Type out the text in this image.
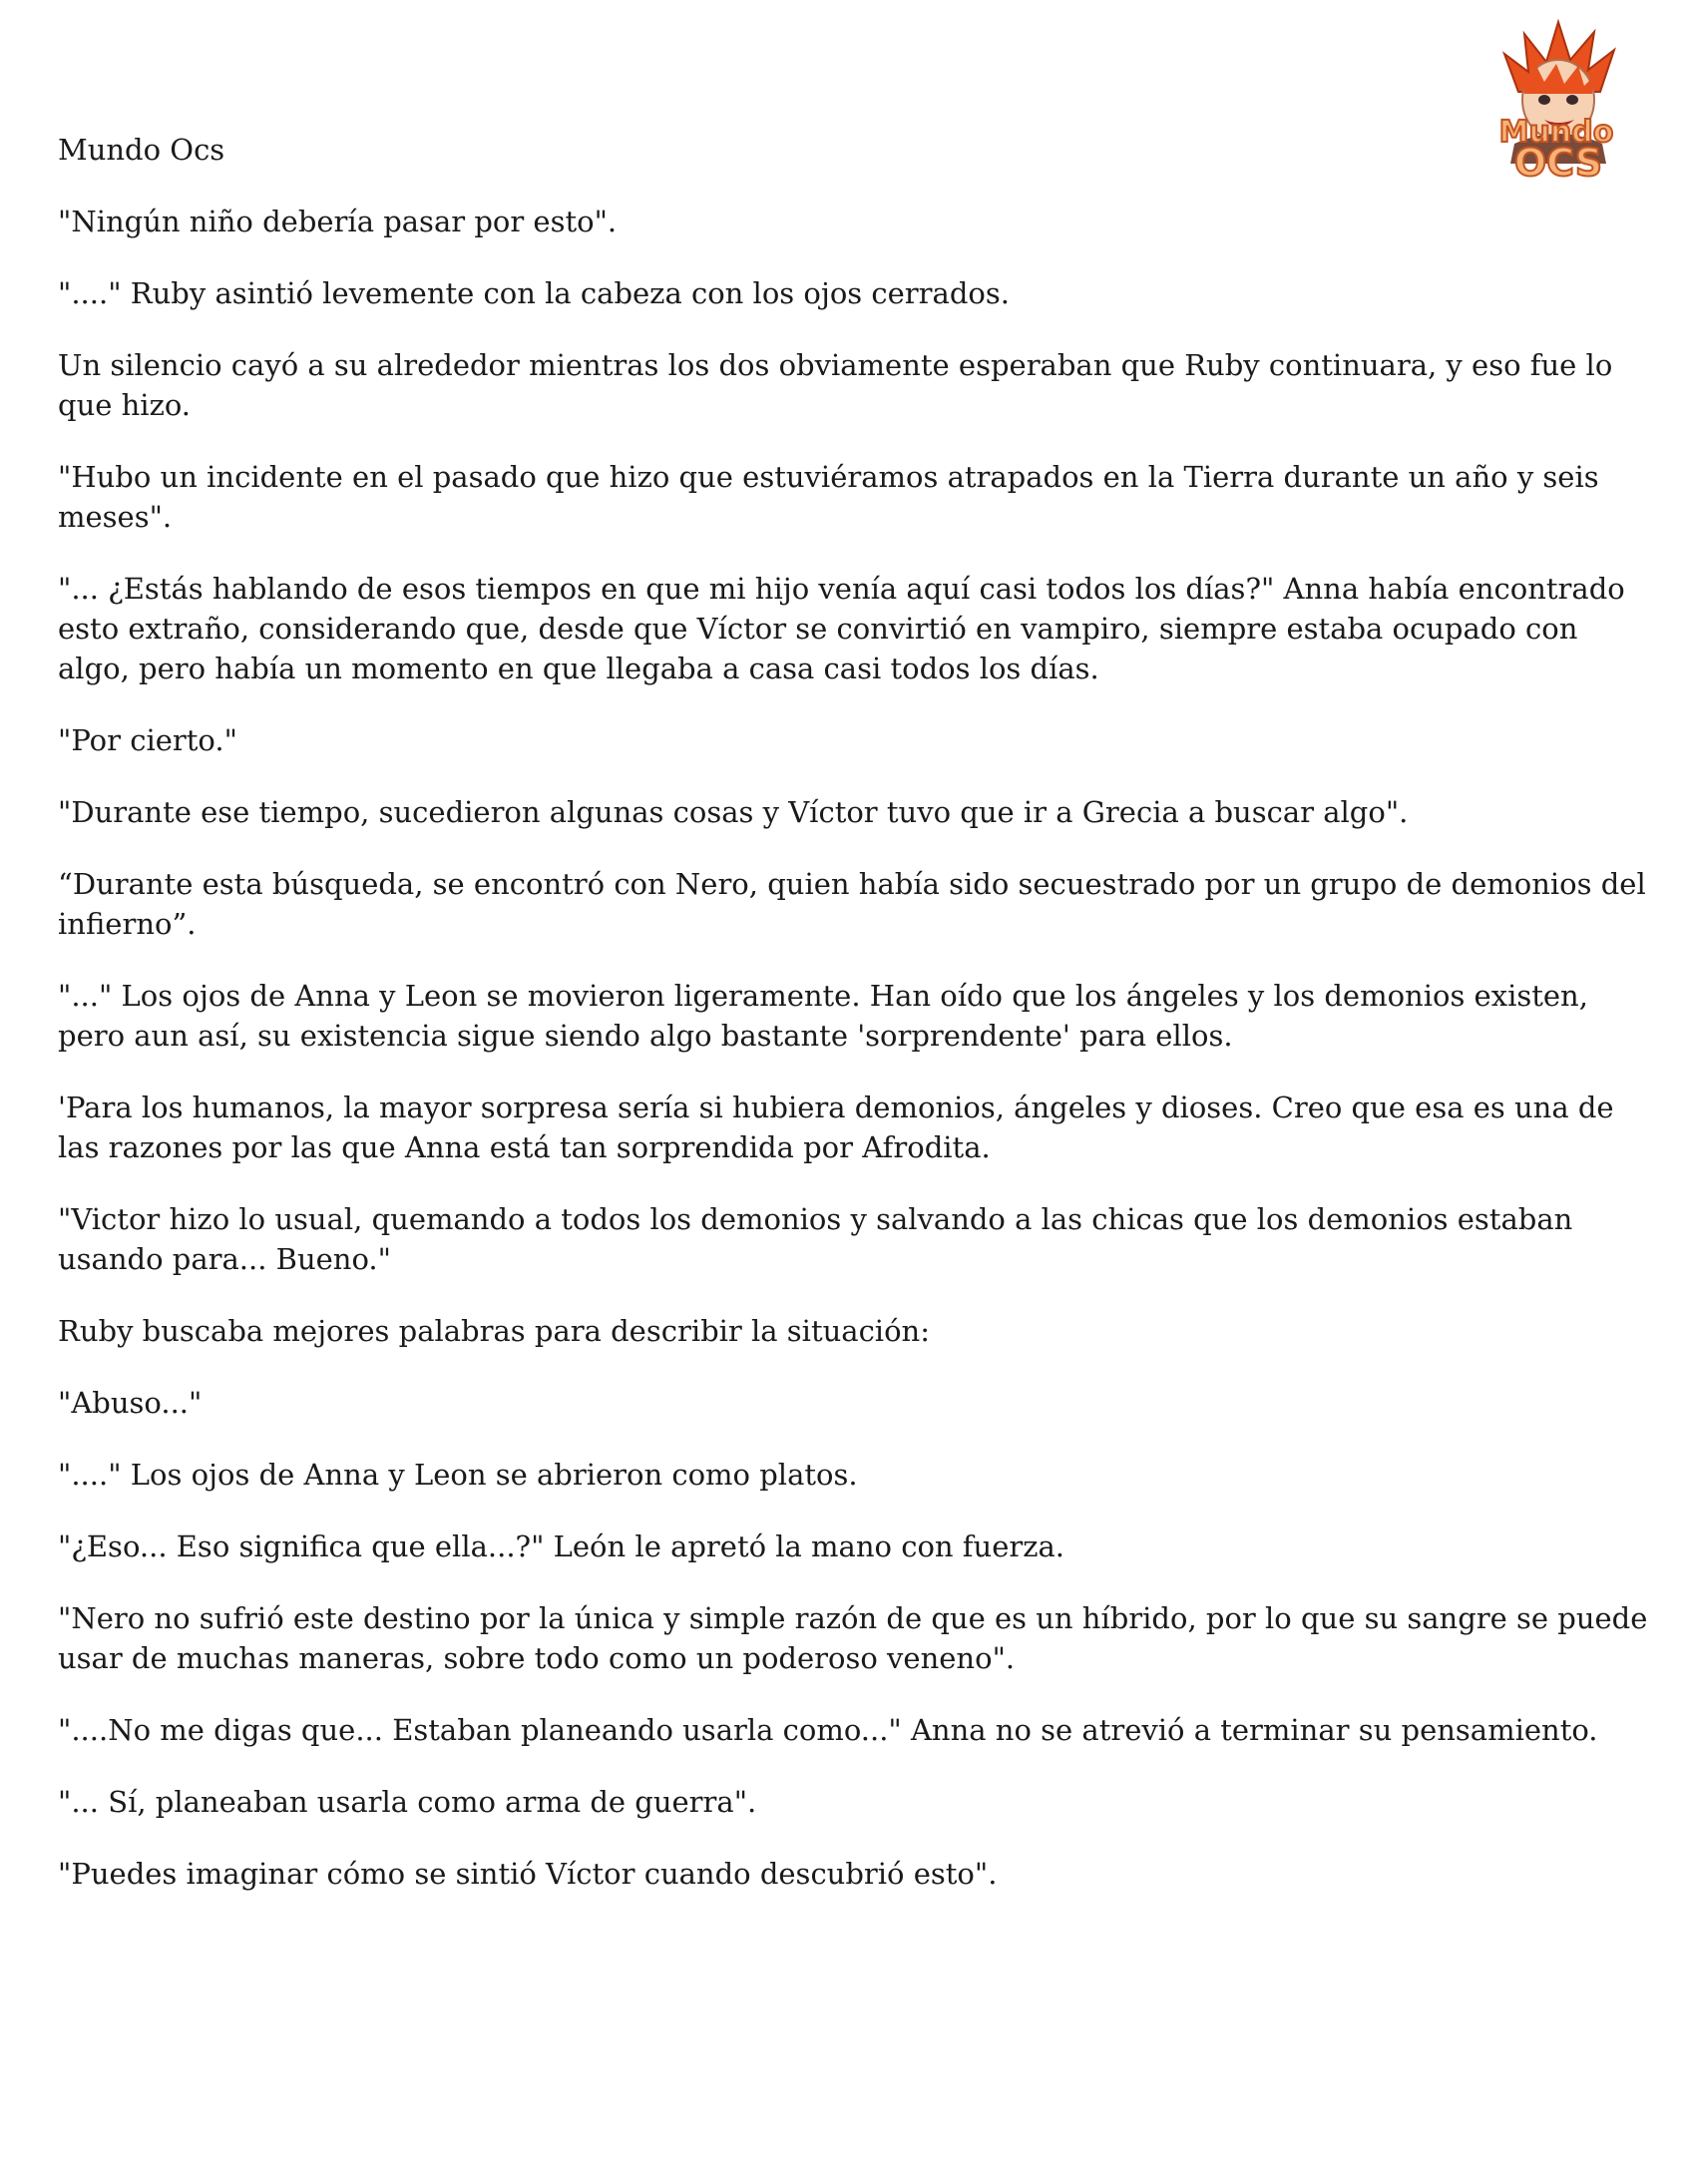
Mundo
OCS
Mundo Ocs

"Ningún niño debería pasar por esto".

"...." Ruby asintió levemente con la cabeza con los ojos cerrados.

Un silencio cayó a su alrededor mientras los dos obviamente esperaban que Ruby continuara, y eso fue lo que hizo.

"Hubo un incidente en el pasado que hizo que estuviéramos atrapados en la Tierra durante un año y seis meses".

"... ¿Estás hablando de esos tiempos en que mi hijo venía aquí casi todos los días?" Anna había encontrado esto extraño, considerando que, desde que Víctor se convirtió en vampiro, siempre estaba ocupado con algo, pero había un momento en que llegaba a casa casi todos los días.

"Por cierto."

"Durante ese tiempo, sucedieron algunas cosas y Víctor tuvo que ir a Grecia a buscar algo".

“Durante esta búsqueda, se encontró con Nero, quien había sido secuestrado por un grupo de demonios del infierno”.

"..." Los ojos de Anna y Leon se movieron ligeramente. Han oído que los ángeles y los demonios existen, pero aun así, su existencia sigue siendo algo bastante 'sorprendente' para ellos.

'Para los humanos, la mayor sorpresa sería si hubiera demonios, ángeles y dioses. Creo que esa es una de las razones por las que Anna está tan sorprendida por Afrodita.

"Victor hizo lo usual, quemando a todos los demonios y salvando a las chicas que los demonios estaban usando para... Bueno."

Ruby buscaba mejores palabras para describir la situación:

"Abuso..."

"...." Los ojos de Anna y Leon se abrieron como platos.

"¿Eso... Eso significa que ella...?" León le apretó la mano con fuerza.

"Nero no sufrió este destino por la única y simple razón de que es un híbrido, por lo que su sangre se puede usar de muchas maneras, sobre todo como un poderoso veneno".

"....No me digas que... Estaban planeando usarla como..." Anna no se atrevió a terminar su pensamiento.

"... Sí, planeaban usarla como arma de guerra".

"Puedes imaginar cómo se sintió Víctor cuando descubrió esto".
